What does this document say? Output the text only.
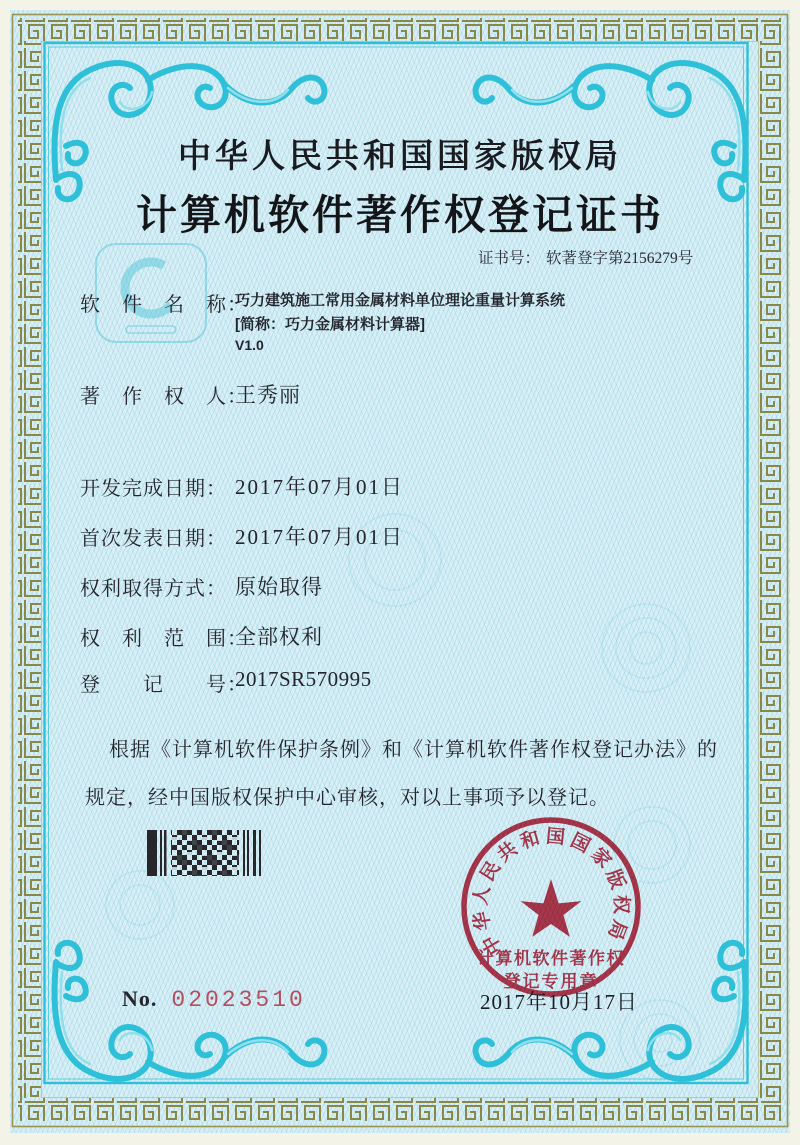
中华人民共和国国家版权局
计算机软件著作权登记证书
证书号： 软著登字第2156279号
软　件　名　称：
巧力建筑施工常用金属材料单位理论重量计算系统
[简称：巧力金属材料计算器]
V1.0
著　作　权　人：
王秀丽
开发完成日期： 2017年07月01日
首次发表日期： 2017年07月01日
权利取得方式： 原始取得
权　利　范　围：
全部权利
登　　记　　号：
2017SR570995
根据《计算机软件保护条例》和《计算机软件著作权登记办法》的
规定，经中国版权保护中心审核，对以上事项予以登记。
中华人民共和国国家版权局
计算机软件著作权
登记专用章
2017年10月17日
No. 02023510
